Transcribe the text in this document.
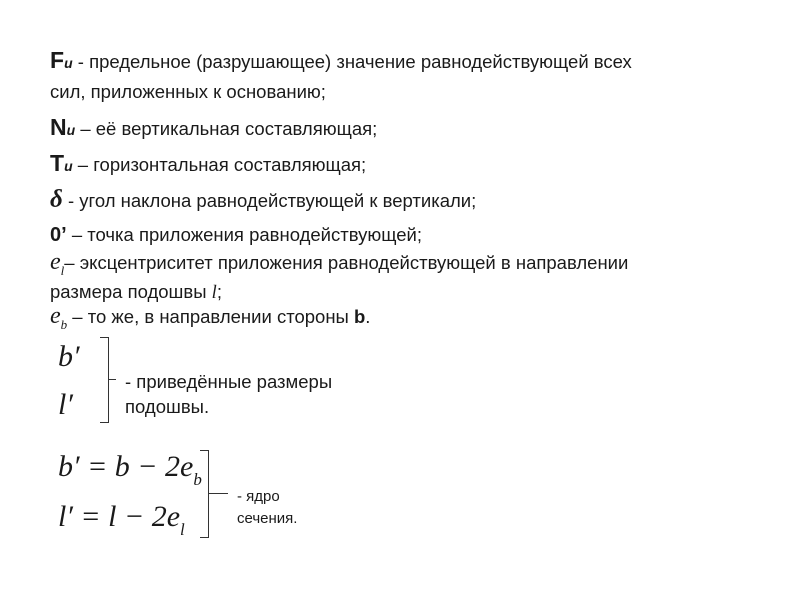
Fu - предельное (разрушающее) значение равнодействующей всех
сил, приложенных к основанию;
Nu – её вертикальная составляющая;
Tu – горизонтальная составляющая;
δ - угол наклона равнодействующей к вертикали;
0’ – точка приложения равнодействующей;
$e_l-$ эксцентриситет приложения равнодействующей в направлении
размера подошвы l;
$e_b$ – то же, в направлении стороны b.
b′
l′
- приведённые размеры
подошвы.
$b' = b - 2e_b$
$l' = l - 2e_l$
- ядро
сечения.
